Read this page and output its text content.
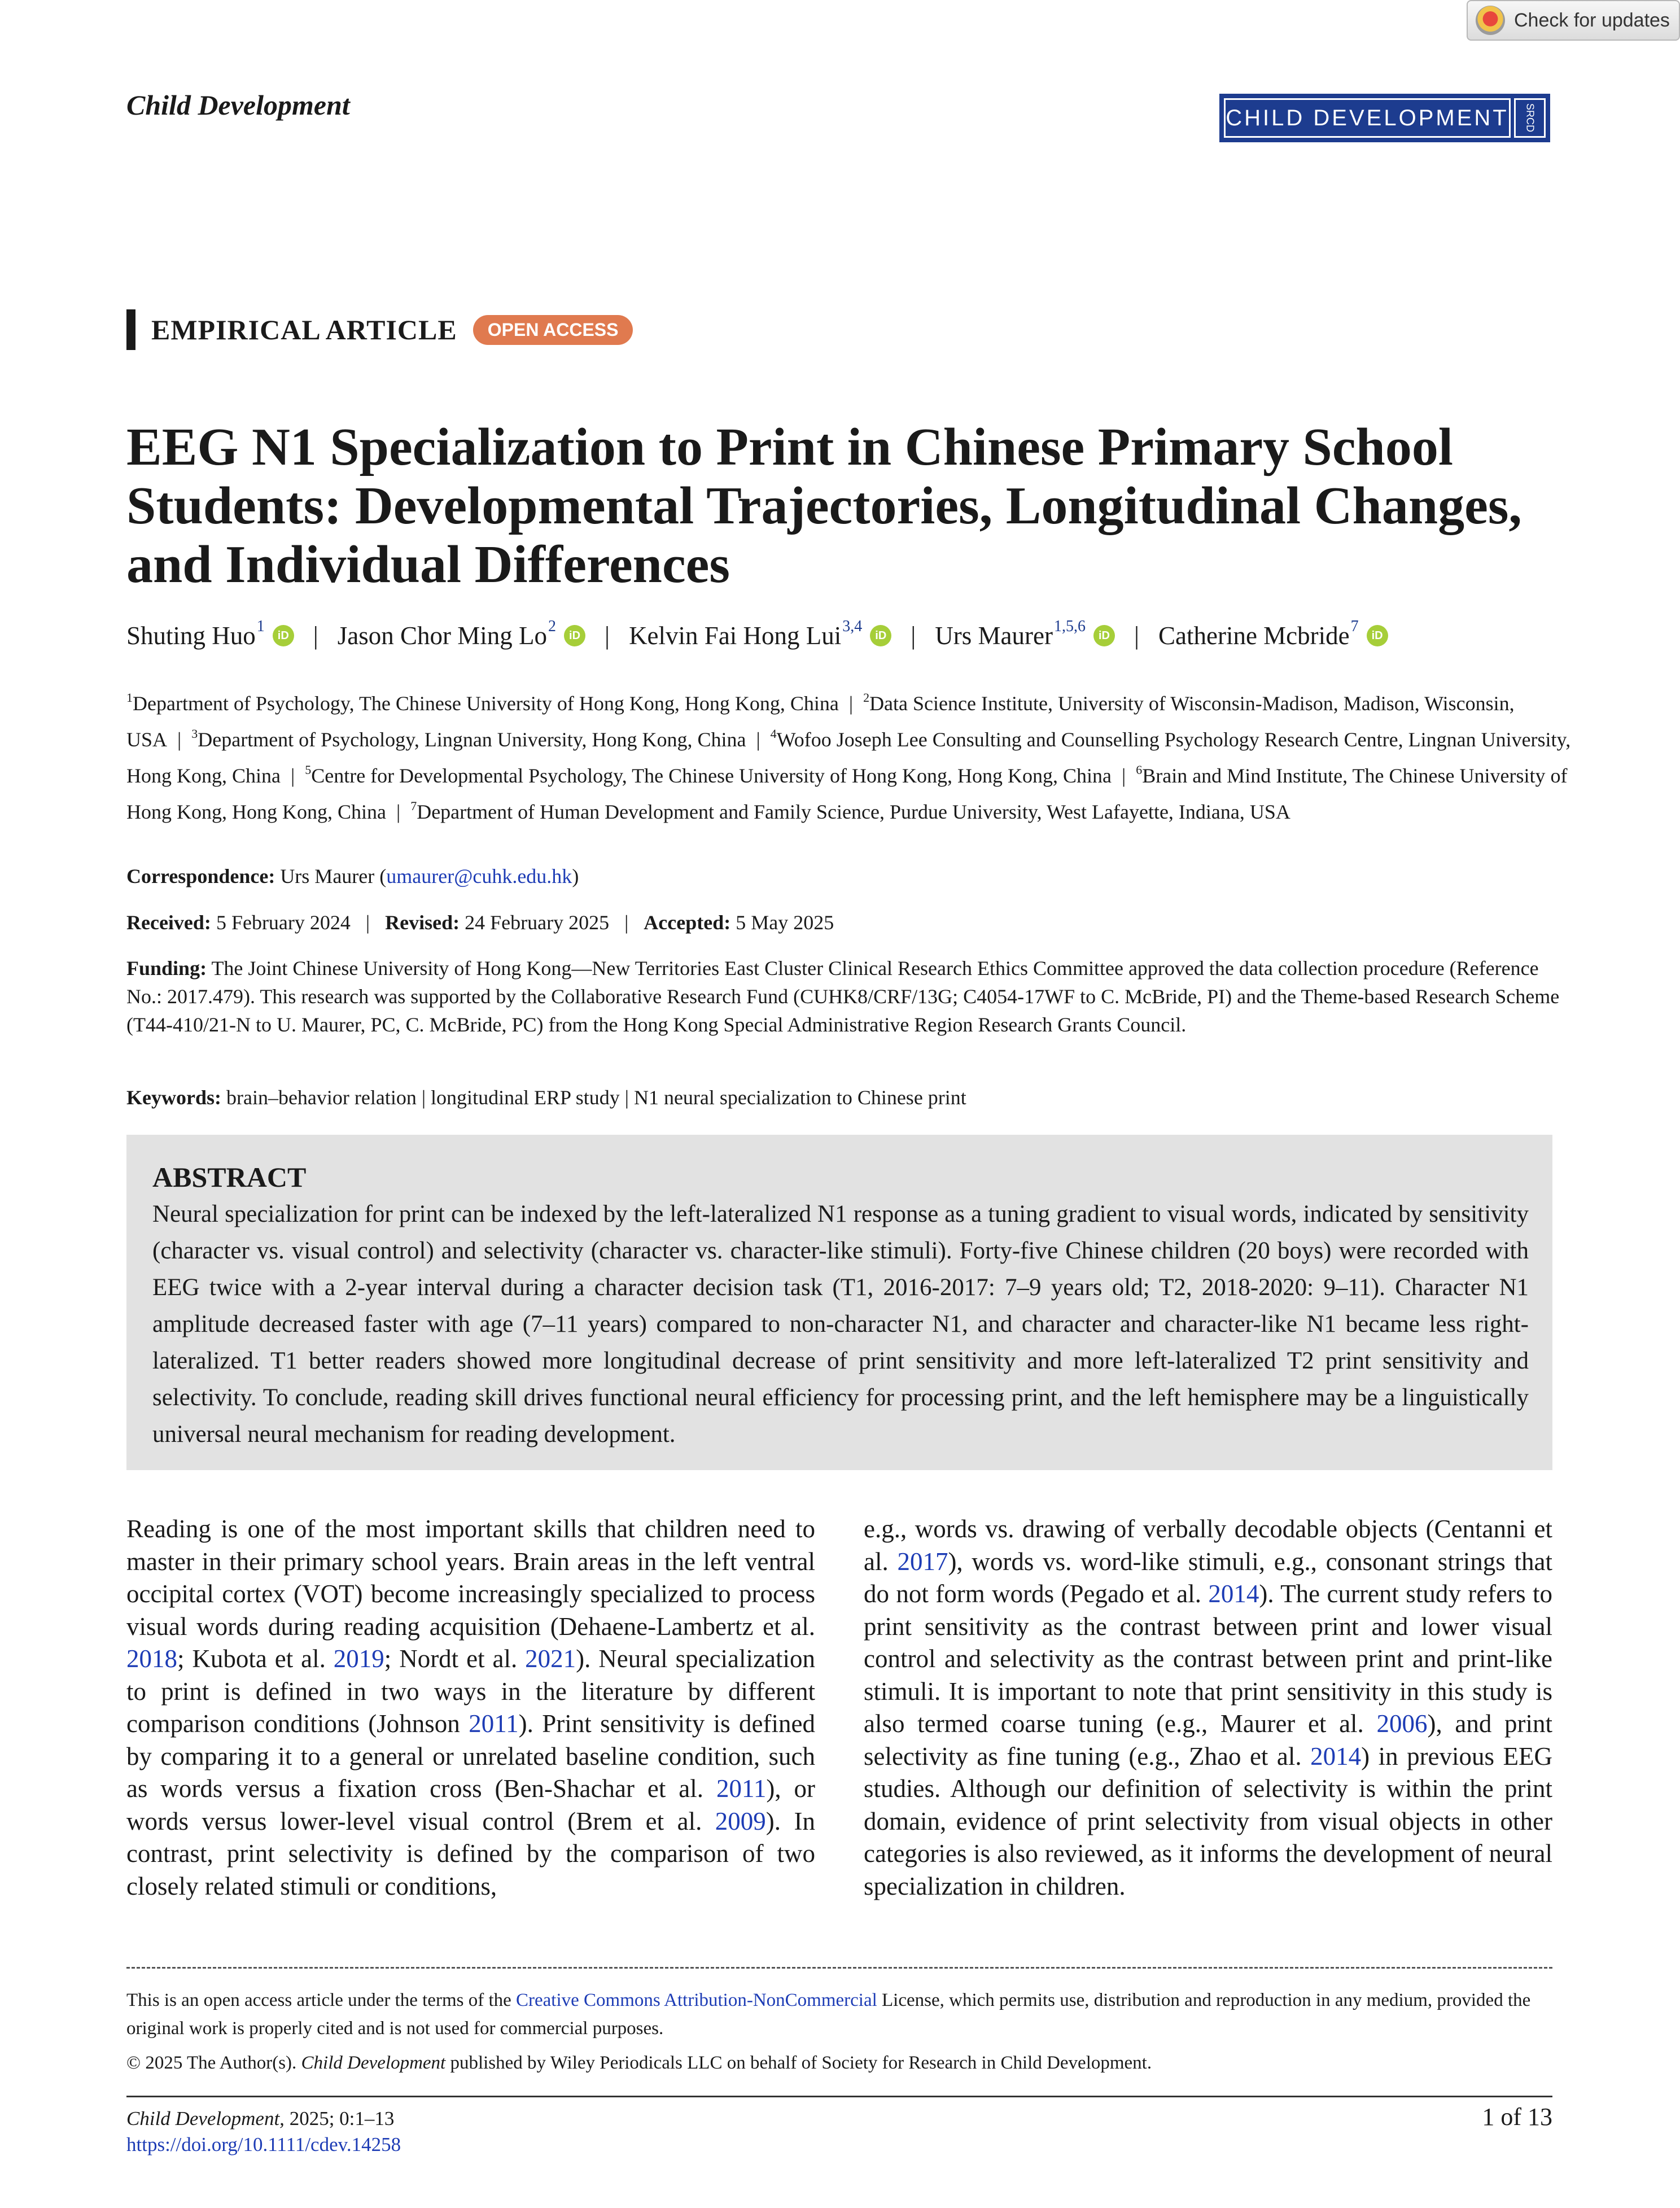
Check for updates
Child Development	CHILD DEVELOPMENT	SRCD
EMPIRICAL ARTICLE	OPEN ACCESS
EEG N1 Specialization to Print in Chinese Primary School Students: Developmental Trajectories, Longitudinal Changes, and Individual Differences
Shuting Huo$^1$
iD | Jason Chor Ming Lo$^2$
iD | Kelvin Fai Hong Lui$^{3,4}$
iD | Urs Maurer$^{1,5,6}$
iD | Catherine Mcbride$^7$
iD
$^1$Department of Psychology, The Chinese University of Hong Kong, Hong Kong, China | $^2$Data Science Institute, University of Wisconsin-Madison, Madison, Wisconsin, USA | $^3$Department of Psychology, Lingnan University, Hong Kong, China | $^4$Wofoo Joseph Lee Consulting and Counselling Psychology Research Centre, Lingnan University, Hong Kong, China | $^5$Centre for Developmental Psychology, The Chinese University of Hong Kong, Hong Kong, China | $^6$Brain and Mind Institute, The Chinese University of Hong Kong, Hong Kong, China | $^7$Department of Human Development and Family Science, Purdue University, West Lafayette, Indiana, USA
Correspondence: Urs Maurer (umaurer@cuhk.edu.hk)
Received: 5 February 2024 | Revised: 24 February 2025 | Accepted: 5 May 2025
Funding: The Joint Chinese University of Hong Kong—New Territories East Cluster Clinical Research Ethics Committee approved the data collection procedure (Reference No.: 2017.479). This research was supported by the Collaborative Research Fund (CUHK8/CRF/13G; C4054-17WF to C. McBride, PI) and the Theme-based Research Scheme (T44-410/21-N to U. Maurer, PC, C. McBride, PC) from the Hong Kong Special Administrative Region Research Grants Council.
Keywords: brain–behavior relation | longitudinal ERP study | N1 neural specialization to Chinese print
ABSTRACT
Neural specialization for print can be indexed by the left-lateralized N1 response as a tuning gradient to visual words, indicated by sensitivity (character vs. visual control) and selectivity (character vs. character-like stimuli). Forty-five Chinese children (20 boys) were recorded with EEG twice with a 2-year interval during a character decision task (T1, 2016-2017: 7–9 years old; T2, 2018-2020: 9–11). Character N1 amplitude decreased faster with age (7–11 years) compared to non-character N1, and character and character-like N1 became less right-lateralized. T1 better readers showed more longitudinal decrease of print sensitivity and more left-lateralized T2 print sensitivity and selectivity. To conclude, reading skill drives functional neural efficiency for processing print, and the left hemisphere may be a linguistically universal neural mechanism for reading development.
Reading is one of the most important skills that children need to master in their primary school years. Brain areas in the left ventral occipital cortex (VOT) become increasingly specialized to process visual words during reading acquisition (Dehaene-Lambertz et al. 2018; Kubota et al. 2019; Nordt et al. 2021). Neural specialization to print is defined in two ways in the literature by different comparison conditions (Johnson 2011). Print sensitivity is defined by comparing it to a general or unrelated baseline condition, such as words versus a fixation cross (Ben-Shachar et al. 2011), or words versus lower-level visual control (Brem et al. 2009). In contrast, print selectivity is defined by the comparison of two closely related stimuli or conditions,
e.g., words vs. drawing of verbally decodable objects (Centanni et al. 2017), words vs. word-like stimuli, e.g., consonant strings that do not form words (Pegado et al. 2014). The current study refers to print sensitivity as the contrast between print and lower visual control and selectivity as the contrast between print and print-like stimuli. It is important to note that print sensitivity in this study is also termed coarse tuning (e.g., Maurer et al. 2006), and print selectivity as fine tuning (e.g., Zhao et al. 2014) in previous EEG studies. Although our definition of selectivity is within the print domain, evidence of print selectivity from visual objects in other categories is also reviewed, as it informs the development of neural specialization in children.
This is an open access article under the terms of the Creative Commons Attribution-NonCommercial License, which permits use, distribution and reproduction in any medium, provided the original work is properly cited and is not used for commercial purposes.
© 2025 The Author(s). Child Development published by Wiley Periodicals LLC on behalf of Society for Research in Child Development.
Child Development, 2025; 0:1–13
https://doi.org/10.1111/cdev.14258
1 of 13
